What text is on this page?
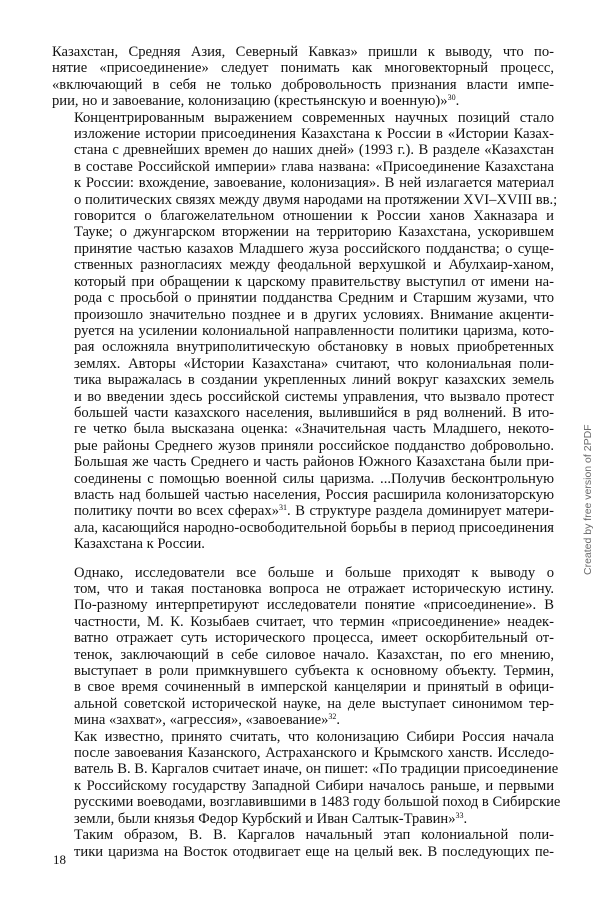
Казахстан, Средняя Азия, Северный Кавказ» пришли к выводу, что по-
нятие «присоединение» следует понимать как многовекторный процесс,
«включающий в себя не только добровольность признания власти импе-
рии, но и завоевание, колонизацию (крестьянскую и военную)»$^{30}$.

Концентрированным выражением современных научных позиций стало
изложение истории присоединения Казахстана к России в «Истории Казах-
стана с древнейших времен до наших дней» (1993 г.). В разделе «Казахстан
в составе Российской империи» глава названа: «Присоединение Казахстана
к России: вхождение, завоевание, колонизация». В ней излагается материал
о политических связях между двумя народами на протяжении XVI–XVIII вв.;
говорится о благожелательном отношении к России ханов Хакназара и
Тауке; о джунгарском вторжении на территорию Казахстана, ускорившем
принятие частью казахов Младшего жуза российского подданства; о суще-
ственных разногласиях между феодальной верхушкой и Абулхаир-ханом,
который при обращении к царскому правительству выступил от имени на-
рода с просьбой о принятии подданства Средним и Старшим жузами, что
произошло значительно позднее и в других условиях. Внимание акценти-
руется на усилении колониальной направленности политики царизма, кото-
рая осложняла внутриполитическую обстановку в новых приобретенных
землях. Авторы «Истории Казахстана» считают, что колониальная поли-
тика выражалась в создании укрепленных линий вокруг казахских земель
и во введении здесь российской системы управления, что вызвало протест
большей части казахского населения, вылившийся в ряд волнений. В ито-
ге четко была высказана оценка: «Значительная часть Младшего, некото-
рые районы Среднего жузов приняли российское подданство добровольно.
Большая же часть Среднего и часть районов Южного Казахстана были при-
соединены с помощью военной силы царизма. ...Получив бесконтрольную
власть над большей частью населения, Россия расширила колонизаторскую
политику почти во всех сферах»$^{31}$. В структуре раздела доминирует матери-
ала, касающийся народно-освободительной борьбы в период присоединения
Казахстана к России.

Однако, исследователи все больше и больше приходят к выводу о
том, что и такая постановка вопроса не отражает историческую истину.
По-разному интерпретируют исследователи понятие «присоединение». В
частности, М. К. Козыбаев считает, что термин «присоединение» неадек-
ватно отражает суть исторического процесса, имеет оскорбительный от-
тенок, заключающий в себе силовое начало. Казахстан, по его мнению,
выступает в роли примкнувшего субъекта к основному объекту. Термин,
в свое время сочиненный в имперской канцелярии и принятый в офици-
альной советской исторической науке, на деле выступает синонимом тер-
мина «захват», «агрессия», «завоевание»$^{32}$.

Как известно, принято считать, что колонизацию Сибири Россия начала
после завоевания Казанского, Астраханского и Крымского ханств. Исследо-
ватель В. В. Каргалов считает иначе, он пишет: «По традиции присоединение
к Российскому государству Западной Сибири началось раньше, и первыми
русскими воеводами, возглавившими в 1483 году большой поход в Сибирские
земли, были князья Федор Курбский и Иван Салтык-Травин»$^{33}$.

Таким образом, В. В. Каргалов начальный этап колониальной поли-
тики царизма на Восток отодвигает еще на целый век. В последующих пе-

18
Created by free version of 2PDF
